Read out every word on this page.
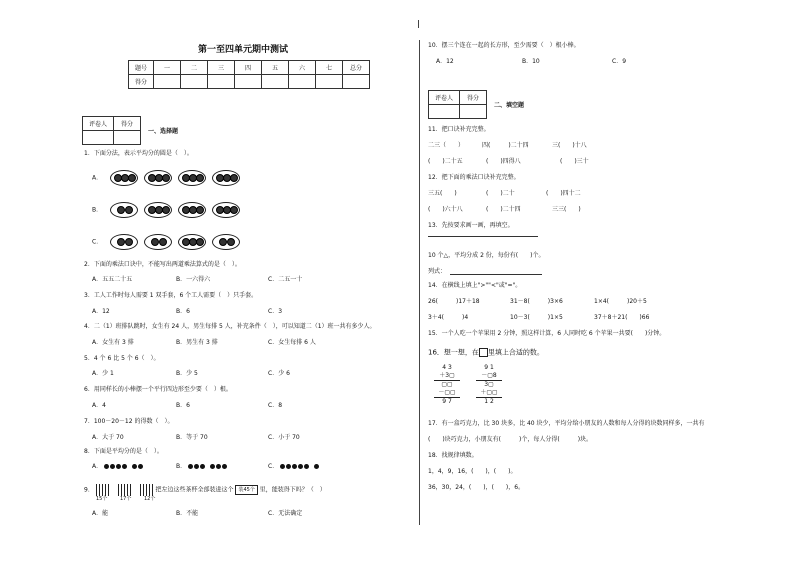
第一至四单元期中测试
题号	一	二	三	四	五	六	七	总分
得分								
评卷人	得分

一、选择题
1．下面分法，表示平均分的圆是（　）。
A．
B．
C．
2．下面的乘法口诀中，不能写出两道乘法算式的是（　）。
A．五五二十五	B．一六得六	C．二五一十
3．工人工作时每人需要 1 双手套，6 个工人需要（　）只手套。
A．12	B．6	C．3
4．二（1）班排队跳时，女生有 24 人，男生每排 5 人，补充条件（　），可以知道二（1）班一共有多少人。
A．女生有 3 排	B．男生有 3 排	C．女生每排 6 人
5．4 个 6 比 5 个 6（　）。
A．少 1	B．少 5	C．少 6
6．用同样长的小棒摆一个平行四边形至少要（　）根。
A．4	B．6	C．8
7．100－20－12 的得数（　）。
A．大于 70	B．等于 70	C．小于 70
8．下面是平均分的是（　）。
A．	B．	C．
9．	把左边这些茶杯全部装进这个 装45个 里，能装得下吗？（　）
15个	17个	12个
A．能	B．不能	C．无法确定
10．摆三个连在一起的长方形，至少需要（　）根小棒。
A．12	B．10	C．9
评卷人	得分

二、填空题
11．把口诀补充完整。
二三（　　）	四(　　　)二十四	三(　　)十八
(　　)二十五	(　　)四得八	(　　)三十
12．把下面的乘法口诀补充完整。
三五(　　)	(　　)二十	(　　)四十二
(　　)六十八	(　　)二十四	三三(　　)
13．先按要求画一画，再填空。
10 个△，平均分成 2 份，每份有(　　)个。
列式：
14．在横线上填上">""<"或"="。
26(　　　)17＋18	31－8(　　　)3×6	1×4(　　　)20＋5
3＋4(　　　)4	10－3(　　　)1×5	37＋8＋21(　　)66
15．一个人吃一个苹果用 2 分钟，照这样计算，6 人同时吃 6 个苹果一共要(　　)分钟。
16．想一想，在 里填上合适的数。
4 3
＋3▢
▢▢
－▢▢
9 7
9 1
－▢8
3▢
＋▢▢
1 2
17．有一盒巧克力，比 30 块多，比 40 块少，平均分给小朋友的人数和每人分得的块数同样多，一共有
(　　)块巧克力，小朋友有(　　　)个，每人分得(　　　)块。
18．找规律填数。
1，4，9，16，(　　)，(　　)。
36，30，24，(　　)，(　　)，6。
